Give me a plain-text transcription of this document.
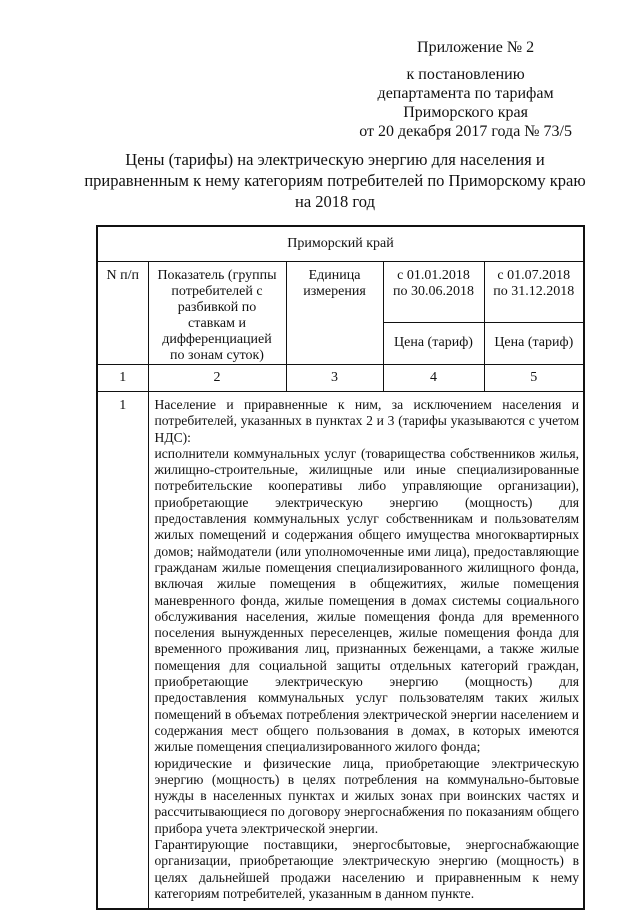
Приложение № 2
к постановлению
департамента по тарифам
Приморского края
от 20 декабря 2017 года № 73/5
Цены (тарифы) на электрическую энергию для населения и
приравненным к нему категориям потребителей по Приморскому краю
на 2018 год
Приморский край				
N п/п	Показатель (группы потребителей с разбивкой по ставкам и дифференциацией по зонам суток)	Единица измерения	с 01.01.2018 по 30.06.2018	с 01.07.2018 по 31.12.2018
			Цена (тариф)	Цена (тариф)
1	2	3	4	5
1	Население и приравненные к ним, за исключением населения и потребителей, указанных в пунктах 2 и 3 (тарифы указываются с учетом НДС):

исполнители коммунальных услуг (товарищества собственников жилья, жилищно-строительные, жилищные или иные специализированные потребительские кооперативы либо управляющие организации), приобретающие электрическую энергию (мощность) для предоставления коммунальных услуг собственникам и пользователям жилых помещений и содержания общего имущества многоквартирных домов; наймодатели (или уполномоченные ими лица), предоставляющие гражданам жилые помещения специализированного жилищного фонда, включая жилые помещения в общежитиях, жилые помещения маневренного фонда, жилые помещения в домах системы социального обслуживания населения, жилые помещения фонда для временного поселения вынужденных переселенцев, жилые помещения фонда для временного проживания лиц, признанных беженцами, а также жилые помещения для социальной защиты отдельных категорий граждан, приобретающие электрическую энергию (мощность) для предоставления коммунальных услуг пользователям таких жилых помещений в объемах потребления электрической энергии населением и содержания мест общего пользования в домах, в которых имеются жилые помещения специализированного жилого фонда;

юридические и физические лица, приобретающие электрическую энергию (мощность) в целях потребления на коммунально-бытовые нужды в населенных пунктах и жилых зонах при воинских частях и рассчитывающиеся по договору энергоснабжения по показаниям общего прибора учета электрической энергии.

Гарантирующие поставщики, энергосбытовые, энергоснабжающие организации, приобретающие электрическую энергию (мощность) в целях дальнейшей продажи населению и приравненным к нему категориям потребителей, указанным в данном пункте.			
